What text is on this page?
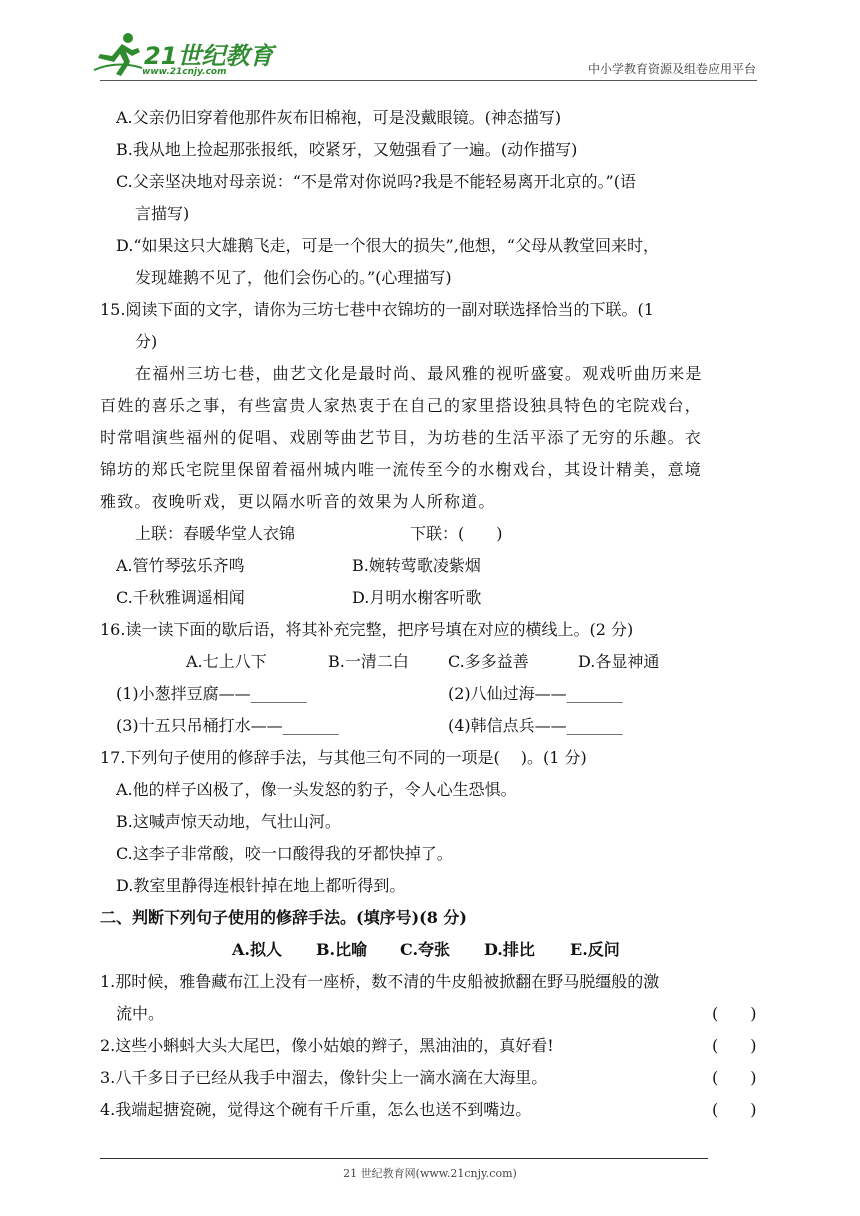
21世纪教育
www.21cnjy.com	中小学教育资源及组卷应用平台
A.父亲仍旧穿着他那件灰布旧棉袍，可是没戴眼镜。(神态描写)
B.我从地上捡起那张报纸，咬紧牙，又勉强看了一遍。(动作描写)
C.父亲坚决地对母亲说：“不是常对你说吗?我是不能轻易离开北京的。”(语
言描写)
D.“如果这只大雄鹅飞走，可是一个很大的损失”,他想，“父母从教堂回来时，
发现雄鹅不见了，他们会伤心的。”(心理描写)
15.阅读下面的文字，请你为三坊七巷中衣锦坊的一副对联选择恰当的下联。(1
分)
在福州三坊七巷，曲艺文化是最时尚、最风雅的视听盛宴。观戏听曲历来是
百姓的喜乐之事，有些富贵人家热衷于在自己的家里搭设独具特色的宅院戏台，
时常唱演些福州的促唱、戏剧等曲艺节目，为坊巷的生活平添了无穷的乐趣。衣
锦坊的郑氏宅院里保留着福州城内唯一流传至今的水榭戏台，其设计精美，意境
雅致。夜晚听戏，更以隔水听音的效果为人所称道。
上联：春暖华堂人衣锦	下联：(　　)
A.管竹琴弦乐齐鸣	B.婉转莺歌凌紫烟
C.千秋雅调遥相闻	D.月明水榭客听歌
16.读一读下面的歇后语，将其补充完整，把序号填在对应的横线上。(2 分)
A.七上八下	B.一清二白 C.多多益善	D.各显神通
(1)小葱拌豆腐——_______	(2)八仙过海——_______
(3)十五只吊桶打水——_______	(4)韩信点兵——_______
17.下列句子使用的修辞手法，与其他三句不同的一项是(　 )。(1 分)
A.他的样子凶极了，像一头发怒的豹子，令人心生恐惧。
B.这喊声惊天动地，气壮山河。
C.这李子非常酸，咬一口酸得我的牙都快掉了。
D.教室里静得连根针掉在地上都听得到。
二、判断下列句子使用的修辞手法。(填序号)(8 分)
A.拟人 B.比喻 C.夸张 D.排比 E.反问
1.那时候，雅鲁藏布江上没有一座桥，数不清的牛皮船被掀翻在野马脱缰般的激
流中。	(　　)
2.这些小蝌蚪大头大尾巴，像小姑娘的辫子，黑油油的，真好看!	(　　)
3.八千多日子已经从我手中溜去，像针尖上一滴水滴在大海里。	(　　)
4.我端起搪瓷碗，觉得这个碗有千斤重，怎么也送不到嘴边。	(　　)
21 世纪教育网(www.21cnjy.com)
